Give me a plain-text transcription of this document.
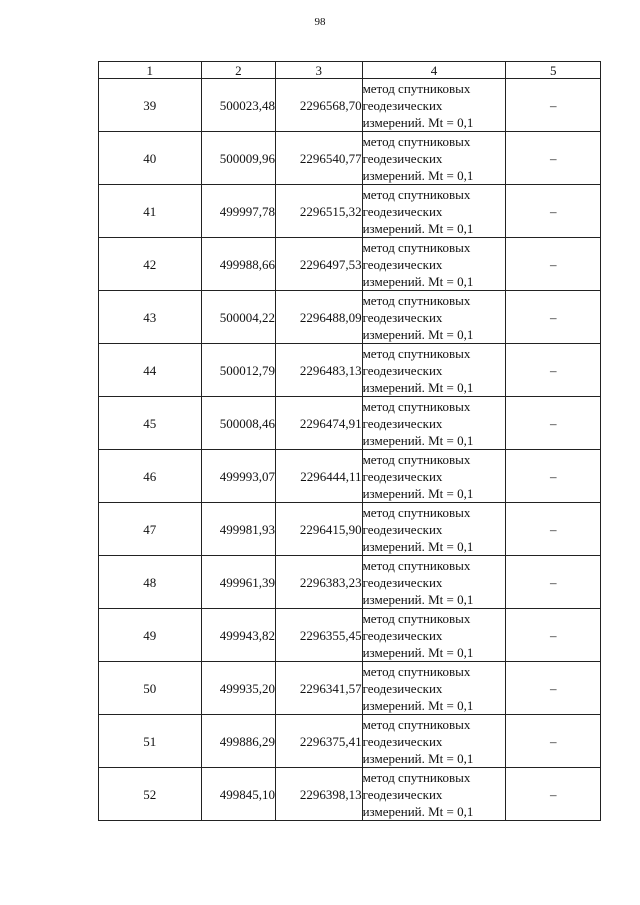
98
1	2	3	4	5
39	500023,48	2296568,70	метод спутниковых
геодезических
измерений. Mt = 0,1	–
40	500009,96	2296540,77	метод спутниковых
геодезических
измерений. Mt = 0,1	–
41	499997,78	2296515,32	метод спутниковых
геодезических
измерений. Mt = 0,1	–
42	499988,66	2296497,53	метод спутниковых
геодезических
измерений. Mt = 0,1	–
43	500004,22	2296488,09	метод спутниковых
геодезических
измерений. Mt = 0,1	–
44	500012,79	2296483,13	метод спутниковых
геодезических
измерений. Mt = 0,1	–
45	500008,46	2296474,91	метод спутниковых
геодезических
измерений. Mt = 0,1	–
46	499993,07	2296444,11	метод спутниковых
геодезических
измерений. Mt = 0,1	–
47	499981,93	2296415,90	метод спутниковых
геодезических
измерений. Mt = 0,1	–
48	499961,39	2296383,23	метод спутниковых
геодезических
измерений. Mt = 0,1	–
49	499943,82	2296355,45	метод спутниковых
геодезических
измерений. Mt = 0,1	–
50	499935,20	2296341,57	метод спутниковых
геодезических
измерений. Mt = 0,1	–
51	499886,29	2296375,41	метод спутниковых
геодезических
измерений. Mt = 0,1	–
52	499845,10	2296398,13	метод спутниковых
геодезических
измерений. Mt = 0,1	–
